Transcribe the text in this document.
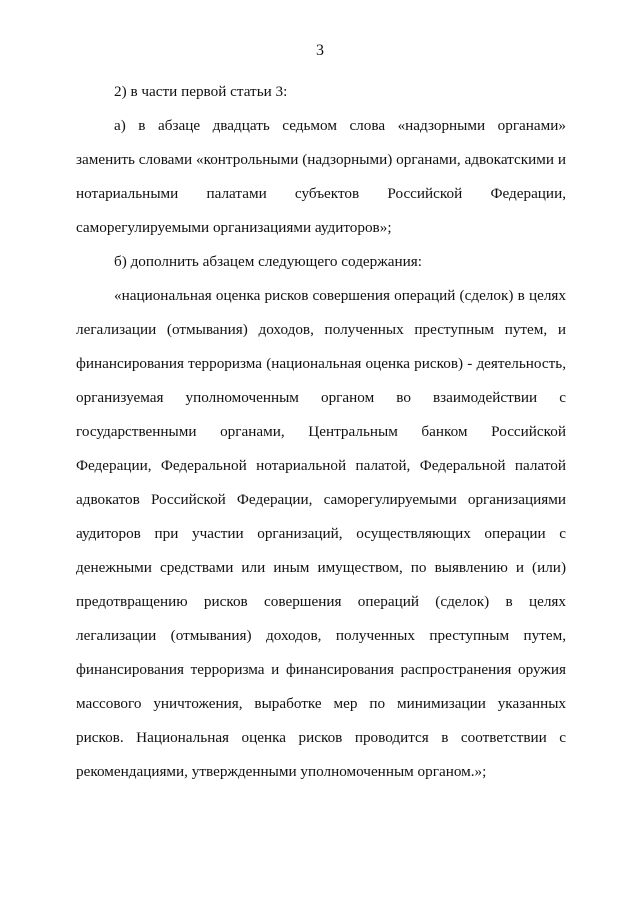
3

2) в части первой статьи 3:

а) в абзаце двадцать седьмом слова «надзорными органами» заменить словами «контрольными (надзорными) органами, адвокатскими и нотариальными палатами субъектов Российской Федерации, саморегулируемыми организациями аудиторов»;

б) дополнить абзацем следующего содержания:

«национальная оценка рисков совершения операций (сделок) в целях легализации (отмывания) доходов, полученных преступным путем, и финансирования терроризма (национальная оценка рисков) - деятельность, организуемая уполномоченным органом во взаимодействии с государственными органами, Центральным банком Российской Федерации, Федеральной нотариальной палатой, Федеральной палатой адвокатов Российской Федерации, саморегулируемыми организациями аудиторов при участии организаций, осуществляющих операции с денежными средствами или иным имуществом, по выявлению и (или) предотвращению рисков совершения операций (сделок) в целях легализации (отмывания) доходов, полученных преступным путем, финансирования терроризма и финансирования распространения оружия массового уничтожения, выработке мер по минимизации указанных рисков. Национальная оценка рисков проводится в соответствии с рекомендациями, утвержденными уполномоченным органом.»;
